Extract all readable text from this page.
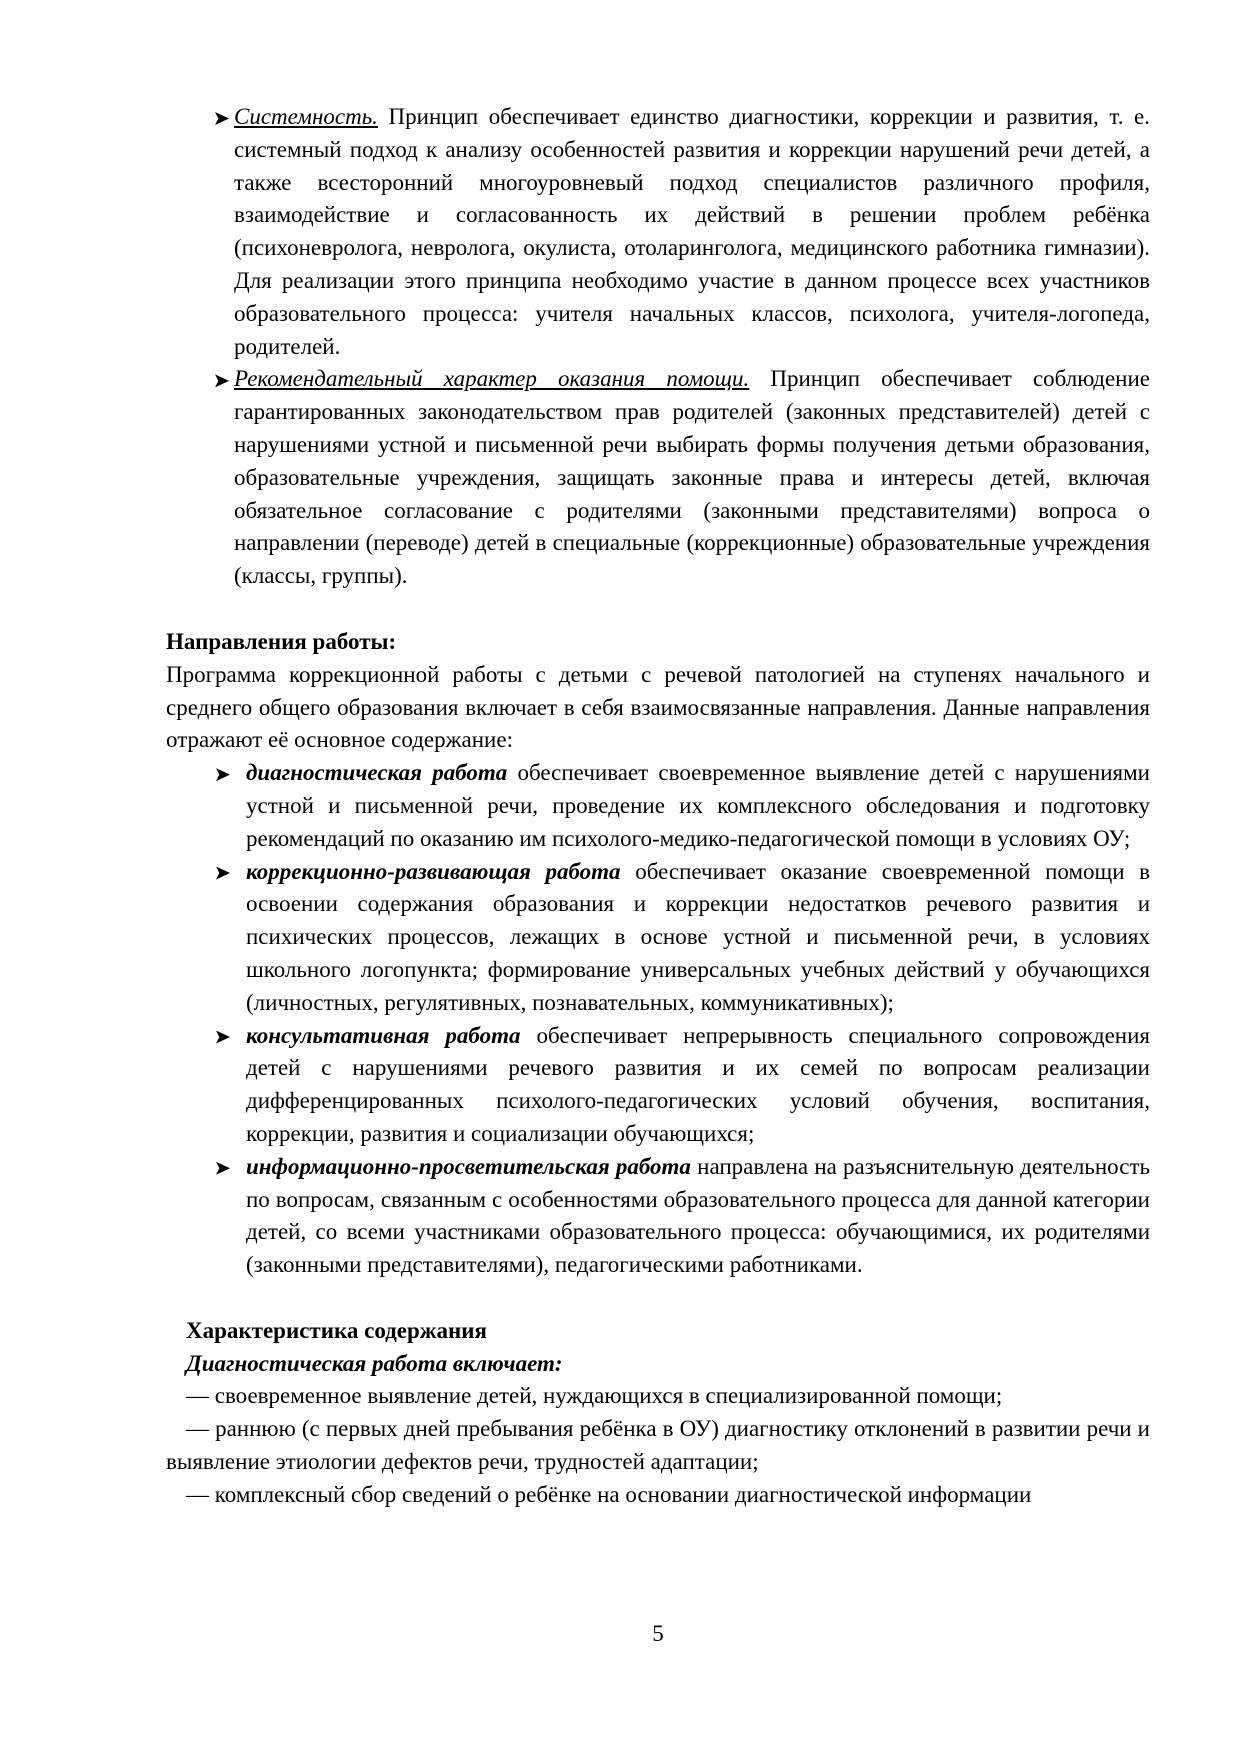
Системность. Принцип обеспечивает единство диагностики, коррекции и развития, т. е. системный подход к анализу особенностей развития и коррекции нарушений речи детей, а также всесторонний многоуровневый подход специалистов различного профиля, взаимодействие и согласованность их действий в решении проблем ребёнка (психоневролога, невролога, окулиста, отоларинголога, медицинского работника гимназии). Для реализации этого принципа необходимо участие в данном процессе всех участников образовательного процесса: учителя начальных классов, психолога, учителя-логопеда, родителей.

Рекомендательный характер оказания помощи. Принцип обеспечивает соблюдение гарантированных законодательством прав родителей (законных представителей) детей с нарушениями устной и письменной речи выбирать формы получения детьми образования, образовательные учреждения, защищать законные права и интересы детей, включая обязательное согласование с родителями (законными представителями) вопроса о направлении (переводе) детей в специальные (коррекционные) образовательные учреждения (классы, группы).

Направления работы:

Программа коррекционной работы с детьми с речевой патологией на ступенях начального и среднего общего образования включает в себя взаимосвязанные направления. Данные направления отражают её основное содержание:

диагностическая работа обеспечивает своевременное выявление детей с нарушениями устной и письменной речи, проведение их комплексного обследования и подготовку рекомендаций по оказанию им психолого-медико-педагогической помощи в условиях ОУ;

коррекционно-развивающая работа обеспечивает оказание своевременной помощи в освоении содержания образования и коррекции недостатков речевого развития и психических процессов, лежащих в основе устной и письменной речи, в условиях школьного логопункта; формирование универсальных учебных действий у обучающихся (личностных, регулятивных, познавательных, коммуникативных);

консультативная работа обеспечивает непрерывность специального сопровождения детей с нарушениями речевого развития и их семей по вопросам реализации дифференцированных психолого-педагогических условий обучения, воспитания, коррекции, развития и социализации обучающихся;

информационно-просветительская работа направлена на разъяснительную деятельность по вопросам, связанным с особенностями образовательного процесса для данной категории детей, со всеми участниками образовательного процесса: обучающимися, их родителями (законными представителями), педагогическими работниками.

Характеристика содержания

Диагностическая работа включает:

— своевременное выявление детей, нуждающихся в специализированной помощи;

— раннюю (с первых дней пребывания ребёнка в ОУ) диагностику отклонений в развитии речи и выявление этиологии дефектов речи, трудностей адаптации;

— комплексный сбор сведений о ребёнке на основании диагностической информации

5
